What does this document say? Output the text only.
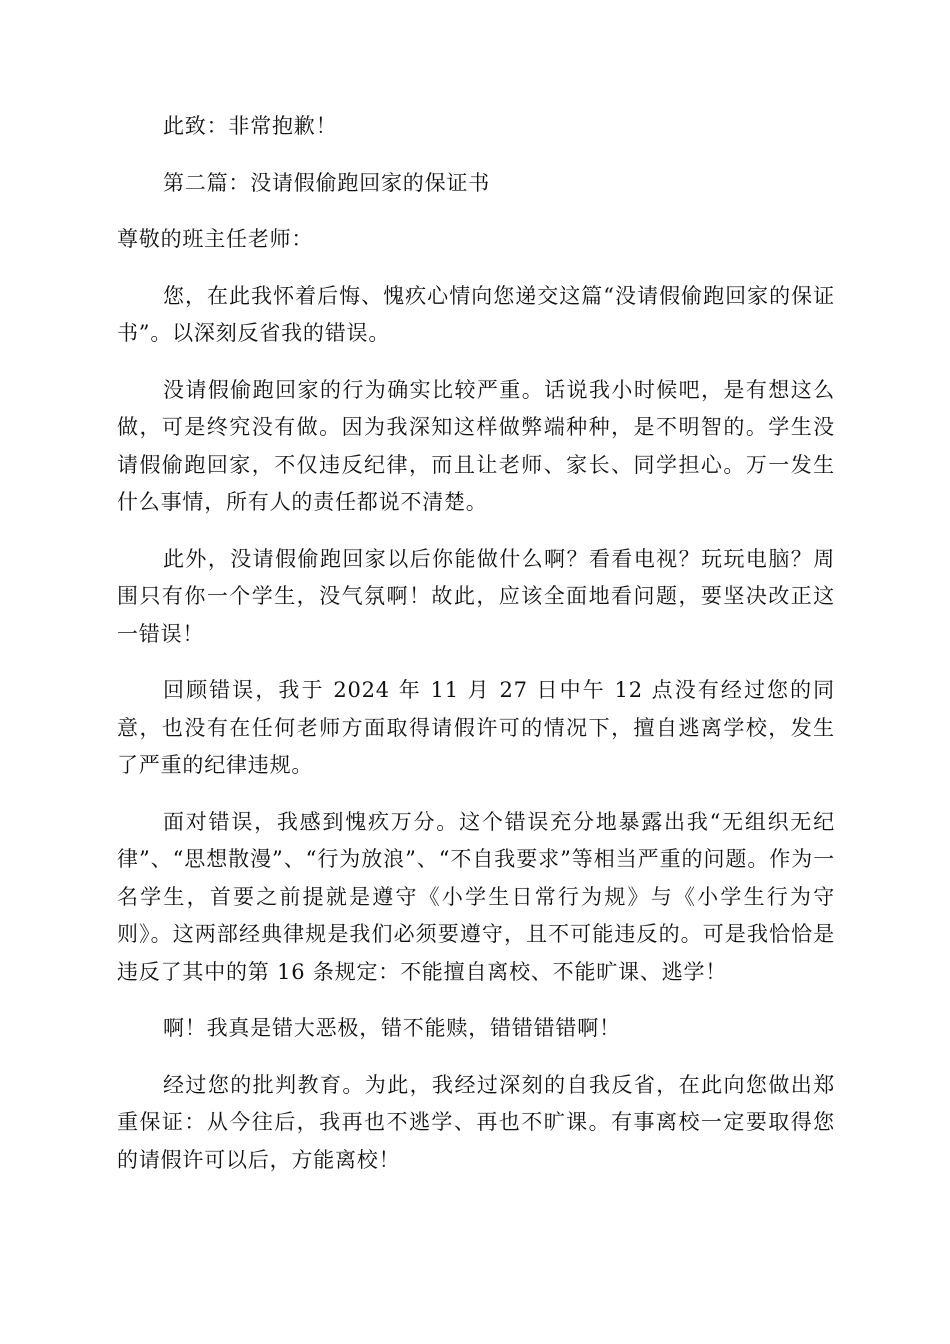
此致：非常抱歉！

第二篇：没请假偷跑回家的保证书

尊敬的班主任老师：

您，在此我怀着后悔、愧疚心情向您递交这篇“没请假偷跑回家的保证书”。以深刻反省我的错误。

没请假偷跑回家的行为确实比较严重。话说我小时候吧，是有想这么做，可是终究没有做。因为我深知这样做弊端种种，是不明智的。学生没请假偷跑回家，不仅违反纪律，而且让老师、家长、同学担心。万一发生什么事情，所有人的责任都说不清楚。

此外，没请假偷跑回家以后你能做什么啊？看看电视？玩玩电脑？周围只有你一个学生，没气氛啊！故此，应该全面地看问题，要坚决改正这一错误！

回顾错误，我于 2024 年 11 月 27 日中午 12 点没有经过您的同意，也没有在任何老师方面取得请假许可的情况下，擅自逃离学校，发生了严重的纪律违规。

面对错误，我感到愧疚万分。这个错误充分地暴露出我“无组织无纪律”、“思想散漫”、“行为放浪”、“不自我要求”等相当严重的问题。作为一名学生，首要之前提就是遵守《小学生日常行为规》与《小学生行为守则》。这两部经典律规是我们必须要遵守，且不可能违反的。可是我恰恰是违反了其中的第 16 条规定：不能擅自离校、不能旷课、逃学！

啊！我真是错大恶极，错不能赎，错错错错啊！

经过您的批判教育。为此，我经过深刻的自我反省，在此向您做出郑重保证：从今往后，我再也不逃学、再也不旷课。有事离校一定要取得您的请假许可以后，方能离校！
